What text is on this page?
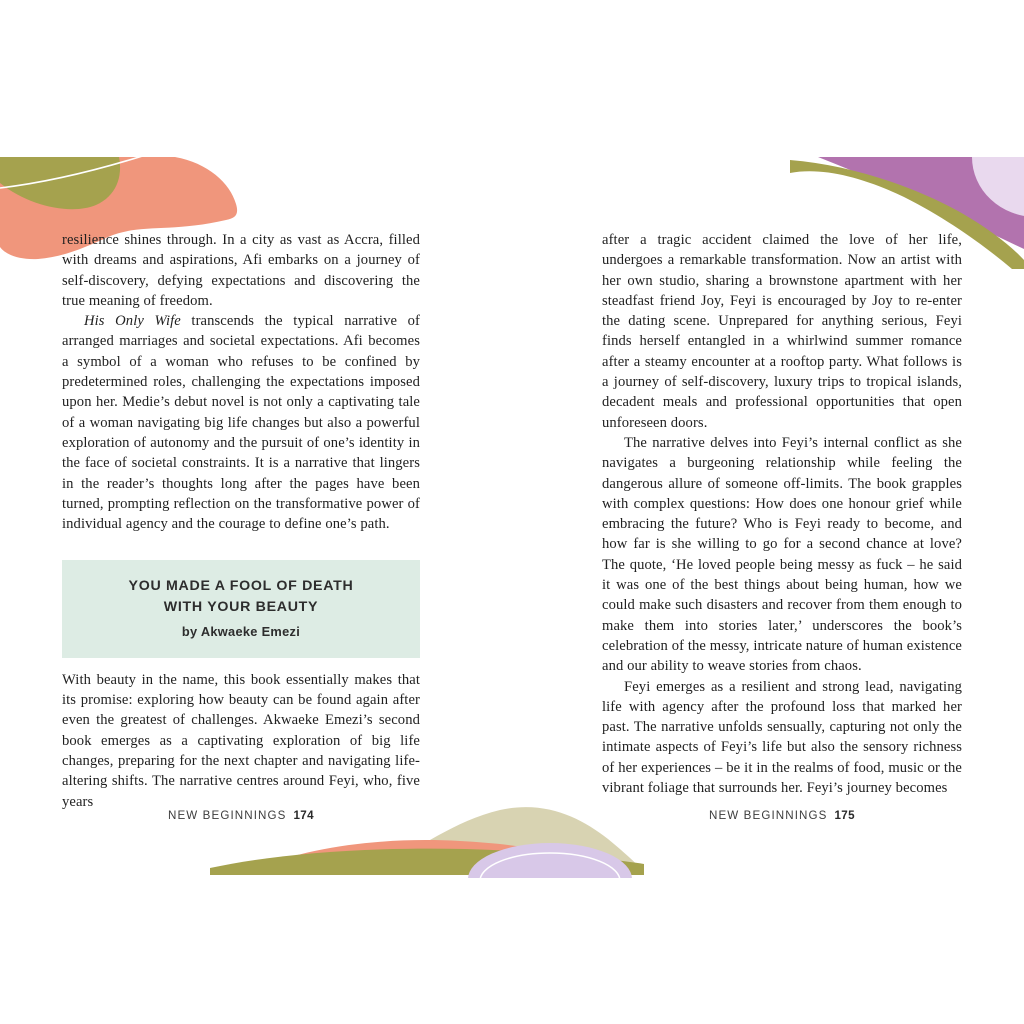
resilience shines through. In a city as vast as Accra, filled with dreams and aspirations, Afi embarks on a journey of self-discovery, defying expectations and discovering the true meaning of freedom.

His Only Wife transcends the typical narrative of arranged marriages and societal expectations. Afi becomes a symbol of a woman who refuses to be confined by predetermined roles, challenging the expectations imposed upon her. Medie’s debut novel is not only a captivating tale of a woman navigating big life changes but also a powerful exploration of autonomy and the pursuit of one’s identity in the face of societal constraints. It is a narrative that lingers in the reader’s thoughts long after the pages have been turned, prompting reflection on the transformative power of individual agency and the courage to define one’s path.

YOU MADE A FOOL OF DEATH
WITH YOUR BEAUTY
by Akwaeke Emezi

With beauty in the name, this book essentially makes that its promise: exploring how beauty can be found again after even the greatest of challenges. Akwaeke Emezi’s second book emerges as a captivating exploration of big life changes, preparing for the next chapter and navigating life-altering shifts. The narrative centres around Feyi, who, five years

after a tragic accident claimed the love of her life, undergoes a remarkable transformation. Now an artist with her own studio, sharing a brownstone apartment with her steadfast friend Joy, Feyi is encouraged by Joy to re-enter the dating scene. Unprepared for anything serious, Feyi finds herself entangled in a whirlwind summer romance after a steamy encounter at a rooftop party. What follows is a journey of self-discovery, luxury trips to tropical islands, decadent meals and professional opportunities that open unforeseen doors.

The narrative delves into Feyi’s internal conflict as she navigates a burgeoning relationship while feeling the dangerous allure of someone off-limits. The book grapples with complex questions: How does one honour grief while embracing the future? Who is Feyi ready to become, and how far is she willing to go for a second chance at love? The quote, ‘He loved people being messy as fuck – he said it was one of the best things about being human, how we could make such disasters and recover from them enough to make them into stories later,’ underscores the book’s celebration of the messy, intricate nature of human existence and our ability to weave stories from chaos.

Feyi emerges as a resilient and strong lead, navigating life with agency after the profound loss that marked her past. The narrative unfolds sensually, capturing not only the intimate aspects of Feyi’s life but also the sensory richness of her experiences – be it in the realms of food, music or the vibrant foliage that surrounds her. Feyi’s journey becomes

NEW BEGINNINGS 174	NEW BEGINNINGS 175
